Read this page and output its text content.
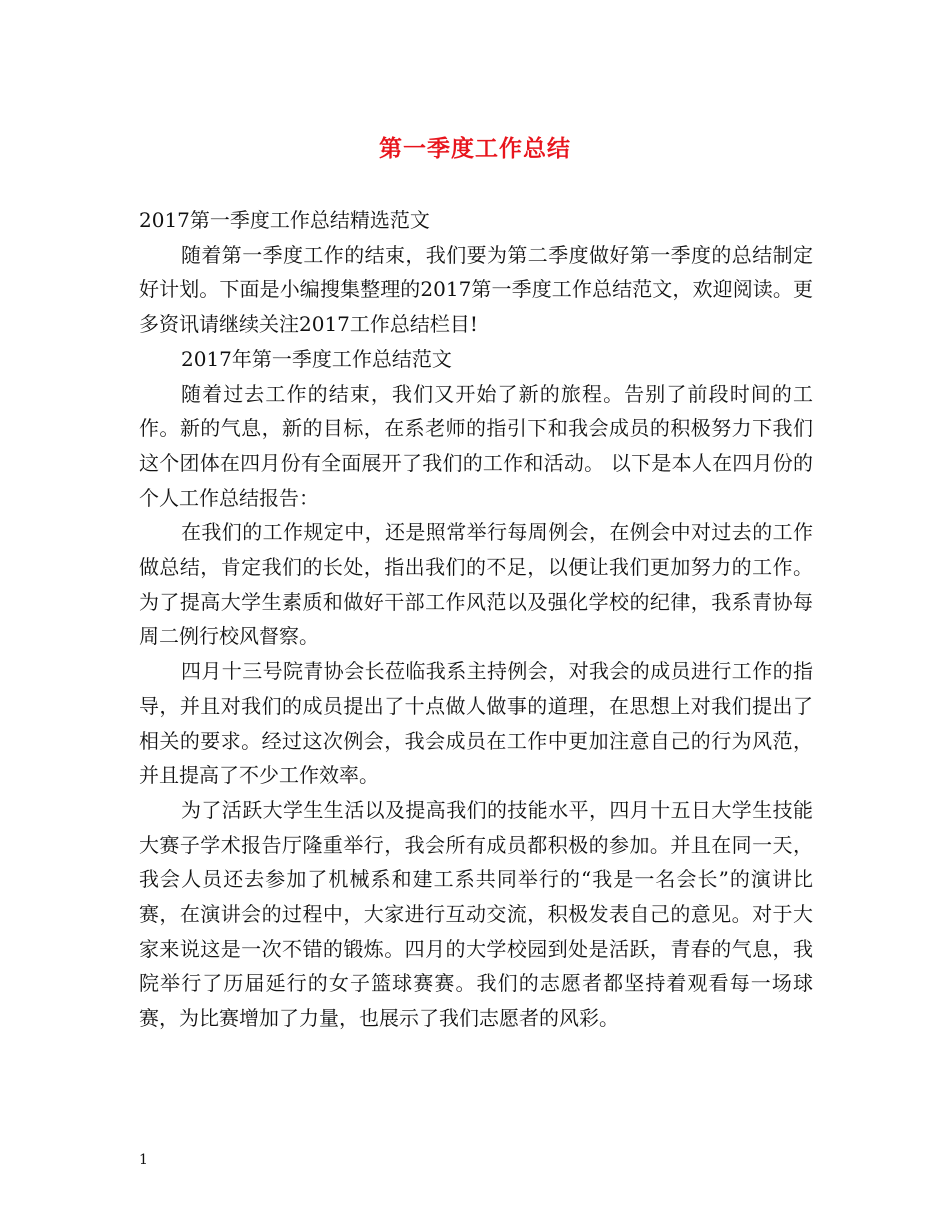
第一季度工作总结

2017第一季度工作总结精选范文

随着第一季度工作的结束，我们要为第二季度做好第一季度的总结制定好计划。下面是小编搜集整理的2017第一季度工作总结范文，欢迎阅读。更多资讯请继续关注2017工作总结栏目!

2017年第一季度工作总结范文

随着过去工作的结束，我们又开始了新的旅程。告别了前段时间的工作。新的气息，新的目标，在系老师的指引下和我会成员的积极努力下我们这个团体在四月份有全面展开了我们的工作和活动。 以下是本人在四月份的个人工作总结报告：

在我们的工作规定中，还是照常举行每周例会，在例会中对过去的工作做总结，肯定我们的长处，指出我们的不足，以便让我们更加努力的工作。为了提高大学生素质和做好干部工作风范以及强化学校的纪律，我系青协每周二例行校风督察。

四月十三号院青协会长莅临我系主持例会，对我会的成员进行工作的指导，并且对我们的成员提出了十点做人做事的道理，在思想上对我们提出了相关的要求。经过这次例会，我会成员在工作中更加注意自己的行为风范，并且提高了不少工作效率。

为了活跃大学生生活以及提高我们的技能水平，四月十五日大学生技能大赛子学术报告厅隆重举行，我会所有成员都积极的参加。并且在同一天，我会人员还去参加了机械系和建工系共同举行的“我是一名会长”的演讲比赛，在演讲会的过程中，大家进行互动交流，积极发表自己的意见。对于大家来说这是一次不错的锻炼。四月的大学校园到处是活跃，青春的气息，我院举行了历届延行的女子篮球赛赛。我们的志愿者都坚持着观看每一场球赛，为比赛增加了力量，也展示了我们志愿者的风彩。

1
